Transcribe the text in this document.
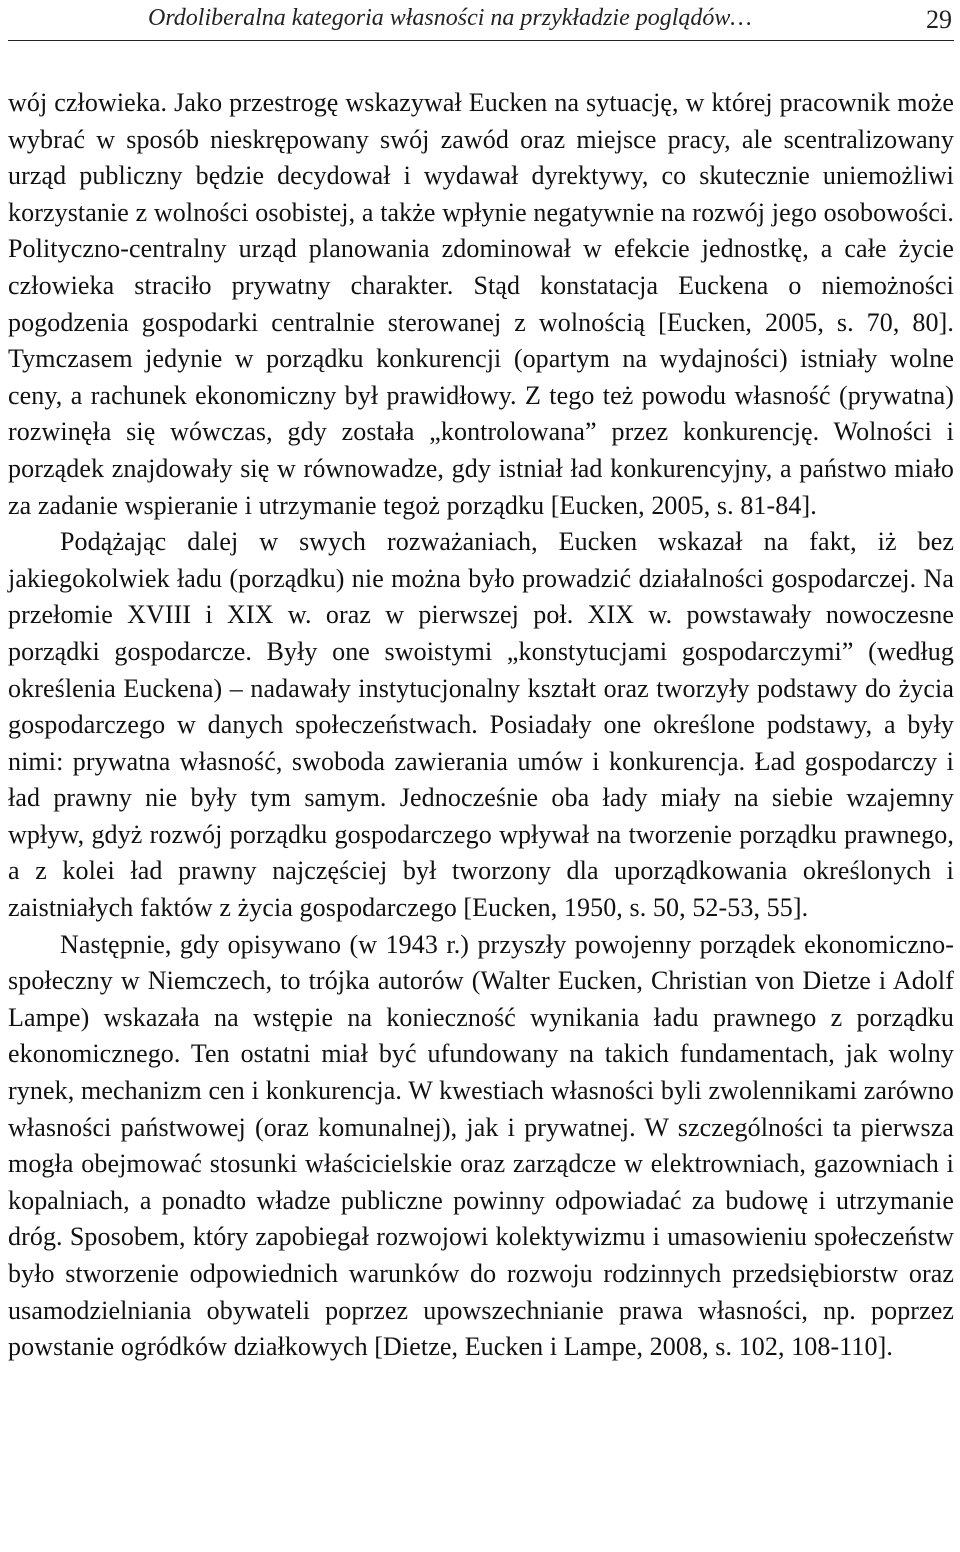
Ordoliberalna kategoria własności na przykładzie poglądów…	29

wój człowieka. Jako przestrogę wskazywał Eucken na sytuację, w której pracownik może wybrać w sposób nieskrępowany swój zawód oraz miejsce pracy, ale scentralizowany urząd publiczny będzie decydował i wydawał dyrektywy, co skutecznie uniemożliwi korzystanie z wolności osobistej, a także wpłynie negatywnie na rozwój jego osobowości. Polityczno-centralny urząd planowania zdominował w efekcie jednostkę, a całe życie człowieka straciło prywatny charakter. Stąd konstatacja Euckena o niemożności pogodzenia gospodarki centralnie sterowanej z wolnością [Eucken, 2005, s. 70, 80]. Tymczasem jedynie w porządku konkurencji (opartym na wydajności) istniały wolne ceny, a rachunek ekonomiczny był prawidłowy. Z tego też powodu własność (prywatna) rozwinęła się wówczas, gdy została „kontrolowana” przez konkurencję. Wolności i porządek znajdowały się w równowadze, gdy istniał ład konkurencyjny, a państwo miało za zadanie wspieranie i utrzymanie tegoż porządku [Eucken, 2005, s. 81-84].

Podążając dalej w swych rozważaniach, Eucken wskazał na fakt, iż bez jakiegokolwiek ładu (porządku) nie można było prowadzić działalności gospodarczej. Na przełomie XVIII i XIX w. oraz w pierwszej poł. XIX w. powstawały nowoczesne porządki gospodarcze. Były one swoistymi „konstytucjami gospodarczymi” (według określenia Euckena) – nadawały instytucjonalny kształt oraz tworzyły podstawy do życia gospodarczego w danych społeczeństwach. Posiadały one określone podstawy, a były nimi: prywatna własność, swoboda zawierania umów i konkurencja. Ład gospodarczy i ład prawny nie były tym samym. Jednocześnie oba łady miały na siebie wzajemny wpływ, gdyż rozwój porządku gospodarczego wpływał na tworzenie porządku prawnego, a z kolei ład prawny najczęściej był tworzony dla uporządkowania określonych i zaistniałych faktów z życia gospodarczego [Eucken, 1950, s. 50, 52-53, 55].

Następnie, gdy opisywano (w 1943 r.) przyszły powojenny porządek ekonomiczno-społeczny w Niemczech, to trójka autorów (Walter Eucken, Christian von Dietze i Adolf Lampe) wskazała na wstępie na konieczność wynikania ładu prawnego z porządku ekonomicznego. Ten ostatni miał być ufundowany na takich fundamentach, jak wolny rynek, mechanizm cen i konkurencja. W kwestiach własności byli zwolennikami zarówno własności państwowej (oraz komunalnej), jak i prywatnej. W szczególności ta pierwsza mogła obejmować stosunki właścicielskie oraz zarządcze w elektrowniach, gazowniach i kopalniach, a ponadto władze publiczne powinny odpowiadać za budowę i utrzymanie dróg. Sposobem, który zapobiegał rozwojowi kolektywizmu i umasowieniu społeczeństw było stworzenie odpowiednich warunków do rozwoju rodzinnych przedsiębiorstw oraz usamodzielniania obywateli poprzez upowszechnianie prawa własności, np. poprzez powstanie ogródków działkowych [Dietze, Eucken i Lampe, 2008, s. 102, 108-110].
